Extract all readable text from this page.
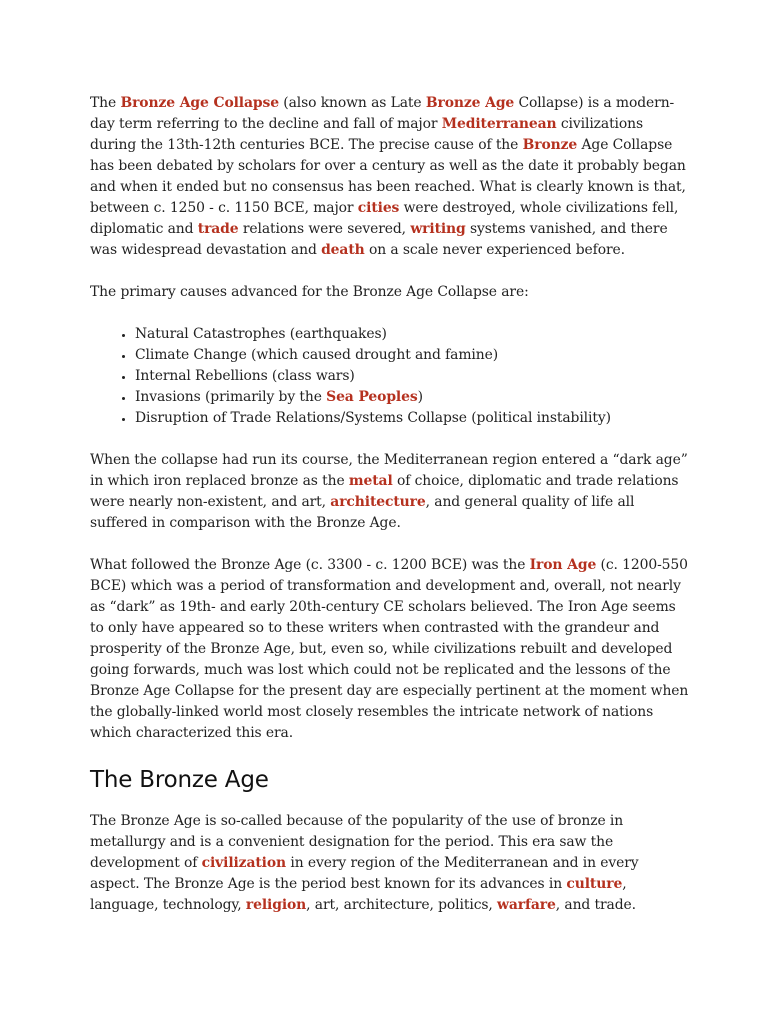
The Bronze Age Collapse (also known as Late Bronze Age Collapse) is a modern-day term referring to the decline and fall of major Mediterranean civilizations during the 13th-12th centuries BCE. The precise cause of the Bronze Age Collapse has been debated by scholars for over a century as well as the date it probably began and when it ended but no consensus has been reached. What is clearly known is that, between c. 1250 - c. 1150 BCE, major cities were destroyed, whole civilizations fell, diplomatic and trade relations were severed, writing systems vanished, and there was widespread devastation and death on a scale never experienced before.

The primary causes advanced for the Bronze Age Collapse are:

• Natural Catastrophes (earthquakes)
• Climate Change (which caused drought and famine)
• Internal Rebellions (class wars)
• Invasions (primarily by the Sea Peoples)
• Disruption of Trade Relations/Systems Collapse (political instability)

When the collapse had run its course, the Mediterranean region entered a “dark age” in which iron replaced bronze as the metal of choice, diplomatic and trade relations were nearly non-existent, and art, architecture, and general quality of life all suffered in comparison with the Bronze Age.

What followed the Bronze Age (c. 3300 - c. 1200 BCE) was the Iron Age (c. 1200-550 BCE) which was a period of transformation and development and, overall, not nearly as “dark” as 19th- and early 20th-century CE scholars believed. The Iron Age seems to only have appeared so to these writers when contrasted with the grandeur and prosperity of the Bronze Age, but, even so, while civilizations rebuilt and developed going forwards, much was lost which could not be replicated and the lessons of the Bronze Age Collapse for the present day are especially pertinent at the moment when the globally-linked world most closely resembles the intricate network of nations which characterized this era.

The Bronze Age

The Bronze Age is so-called because of the popularity of the use of bronze in metallurgy and is a convenient designation for the period. This era saw the development of civilization in every region of the Mediterranean and in every aspect. The Bronze Age is the period best known for its advances in culture, language, technology, religion, art, architecture, politics, warfare, and trade.
